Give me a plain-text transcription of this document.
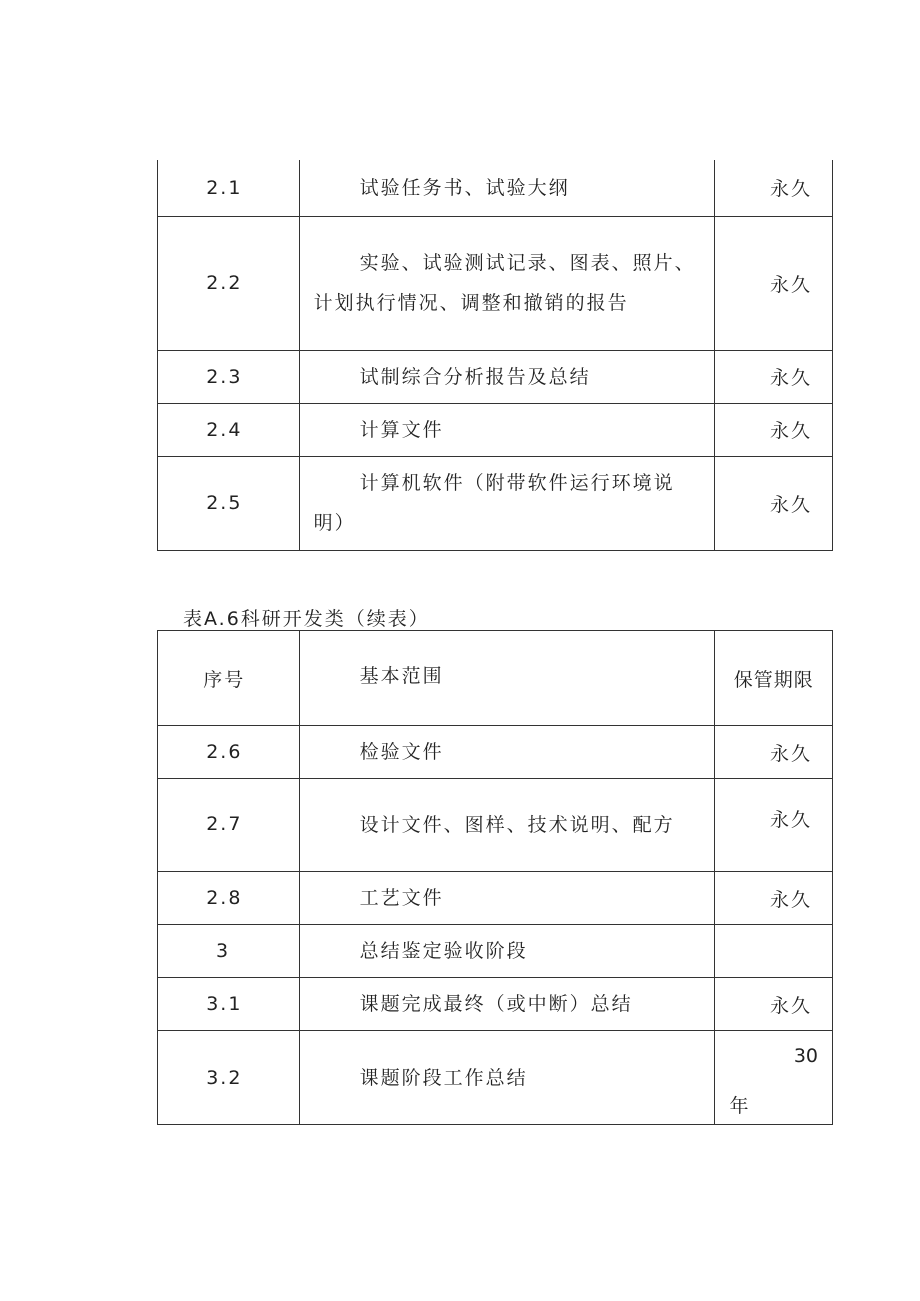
2.1	试验任务书、试验大纲	永久
2.2	实验、试验测试记录、图表、照片、计划执行情况、调整和撤销的报告	永久
2.3	试制综合分析报告及总结	永久
2.4	计算文件	永久
2.5	计算机软件（附带软件运行环境说明）	永久
表A.6科研开发类（续表）
序号	基本范围	保管期限
2.6	检验文件	永久
2.7	设计文件、图样、技术说明、配方	永久
2.8	工艺文件	永久
3	总结鉴定验收阶段	
3.1	课题完成最终（或中断）总结	永久
3.2	课题阶段工作总结	30
年
